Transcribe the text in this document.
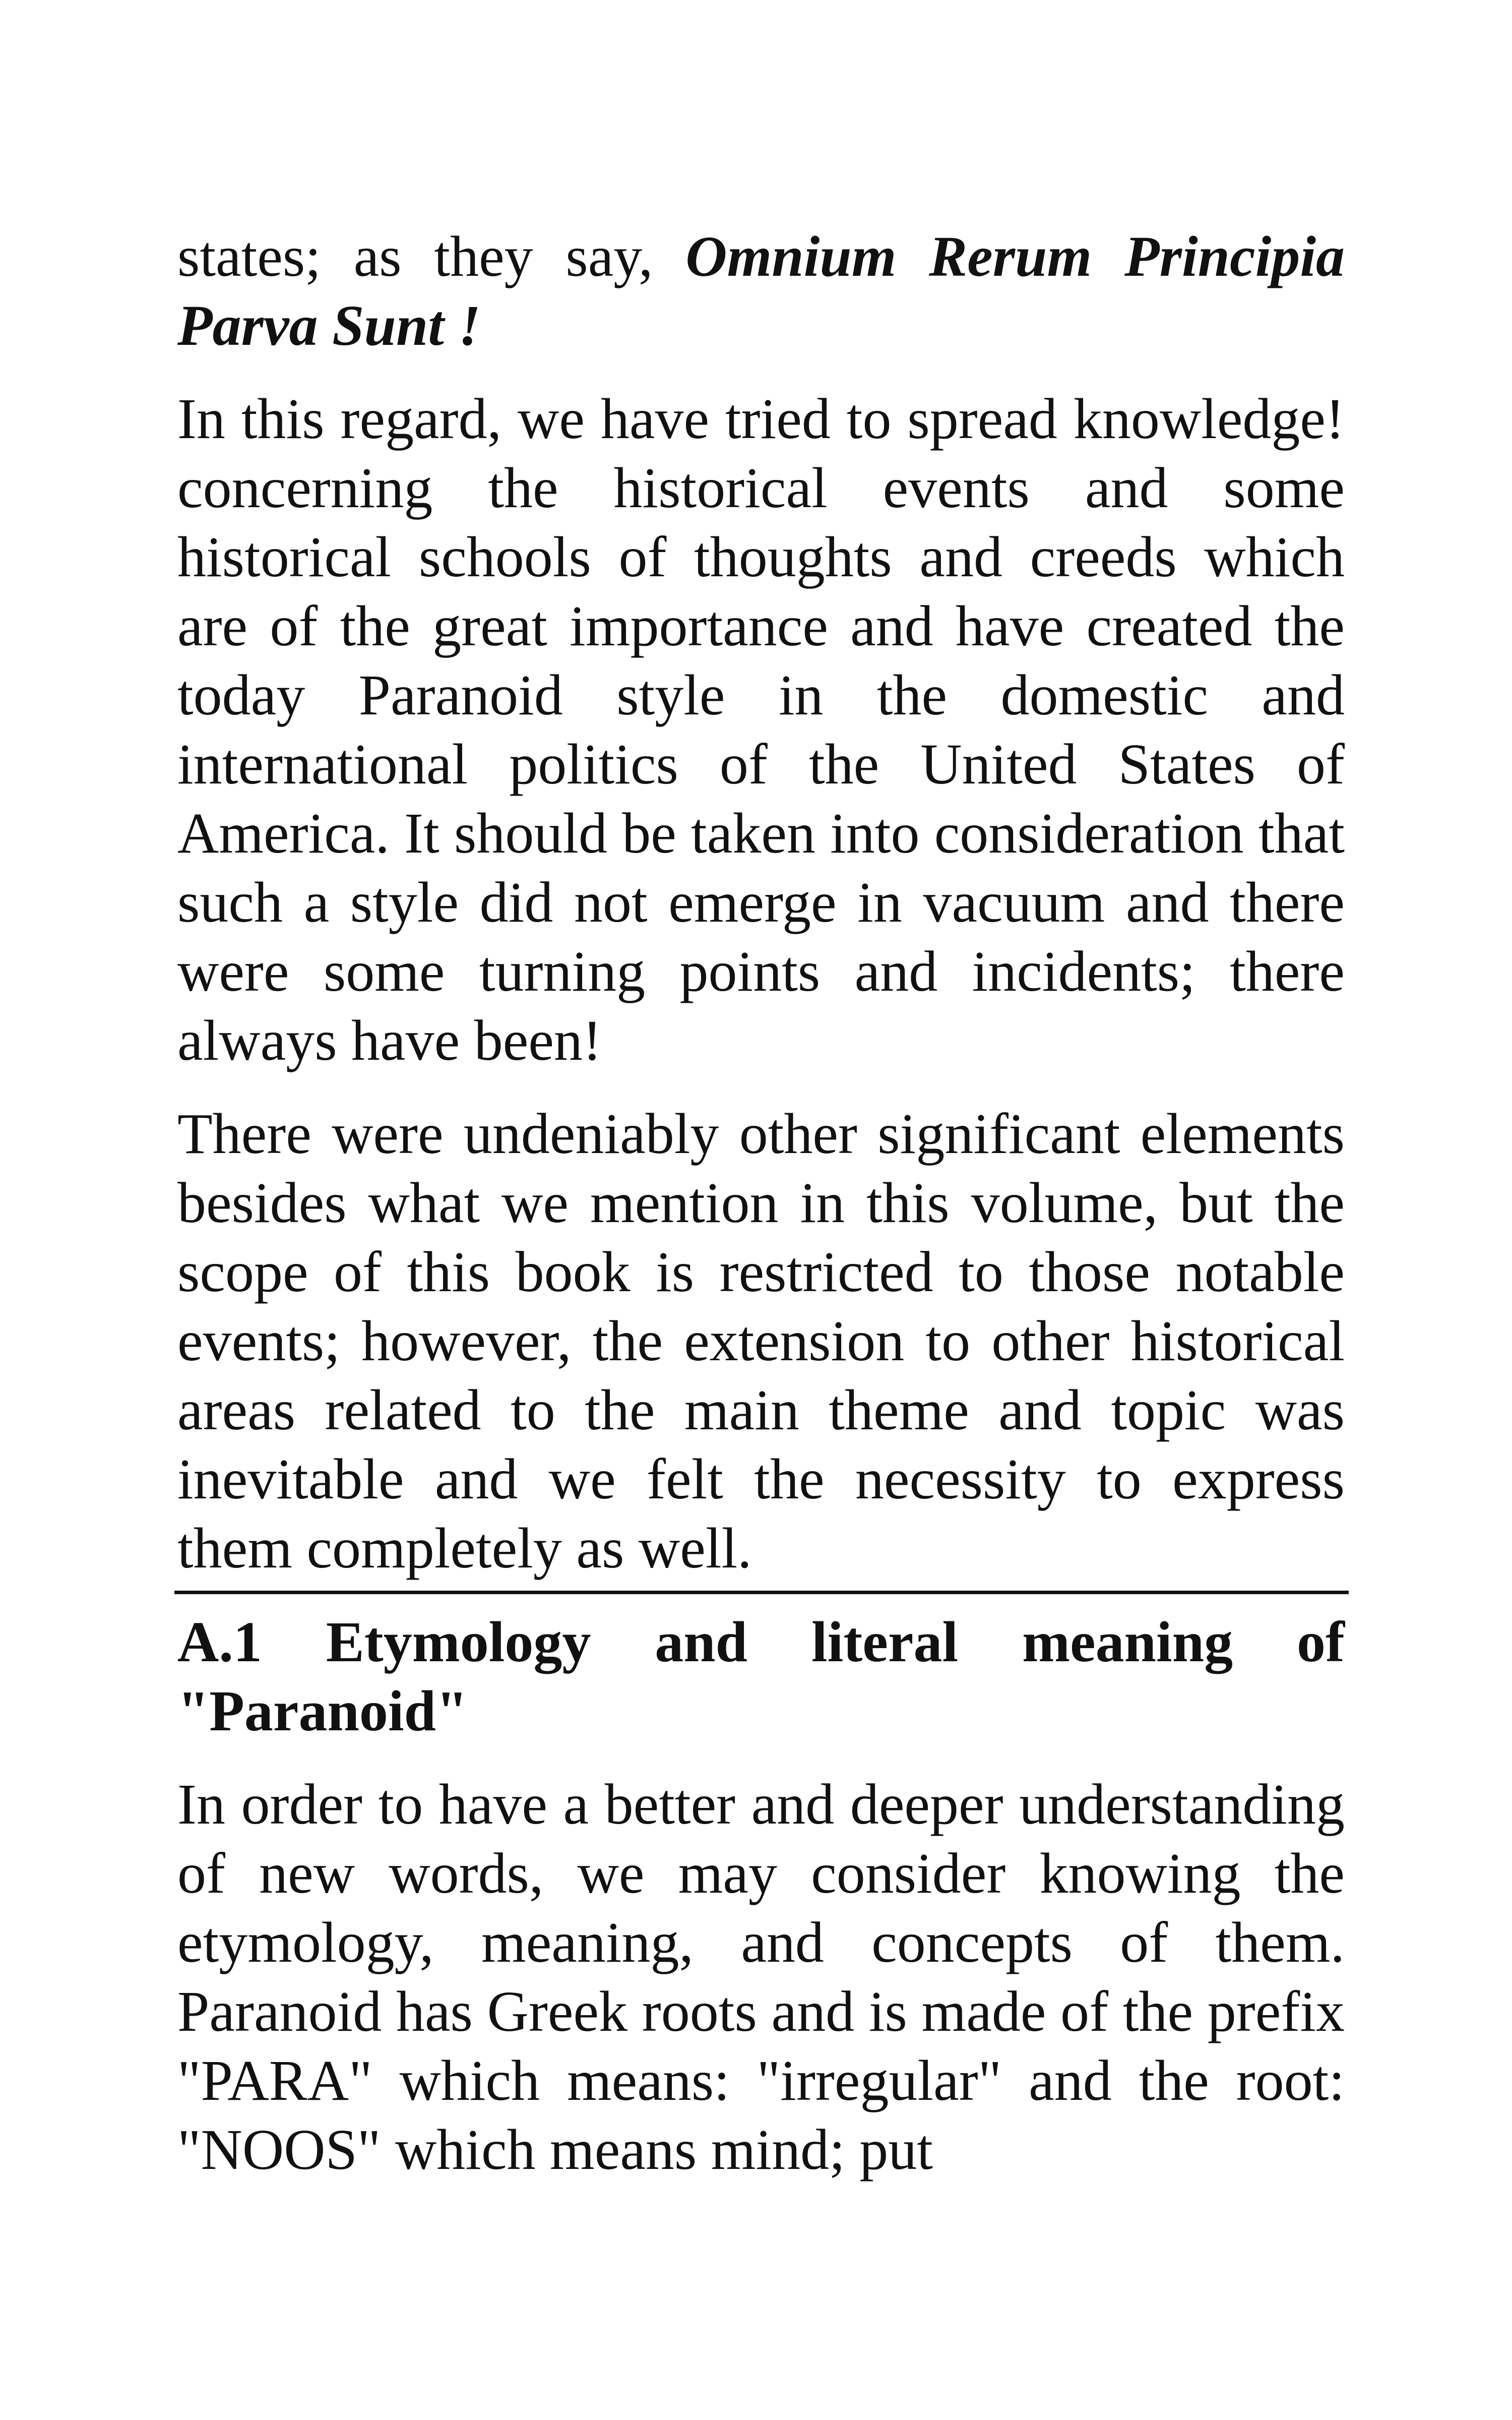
states; as they say, Omnium Rerum Principia Parva Sunt !

In this regard, we have tried to spread knowledge! concerning the historical events and some historical schools of thoughts and creeds which are of the great importance and have created the today Paranoid style in the domestic and international politics of the United States of America. It should be taken into consideration that such a style did not emerge in vacuum and there were some turning points and incidents; there always have been!

There were undeniably other significant elements besides what we mention in this volume, but the scope of this book is restricted to those notable events; however, the extension to other historical areas related to the main theme and topic was inevitable and we felt the necessity to express them completely as well.

A.1 Etymology and literal meaning of
"Paranoid"

In order to have a better and deeper understanding of new words, we may consider knowing the etymology, meaning, and concepts of them. Paranoid has Greek roots and is made of the prefix "PARA" which means: "irregular" and the root: "NOOS" which means mind; put
